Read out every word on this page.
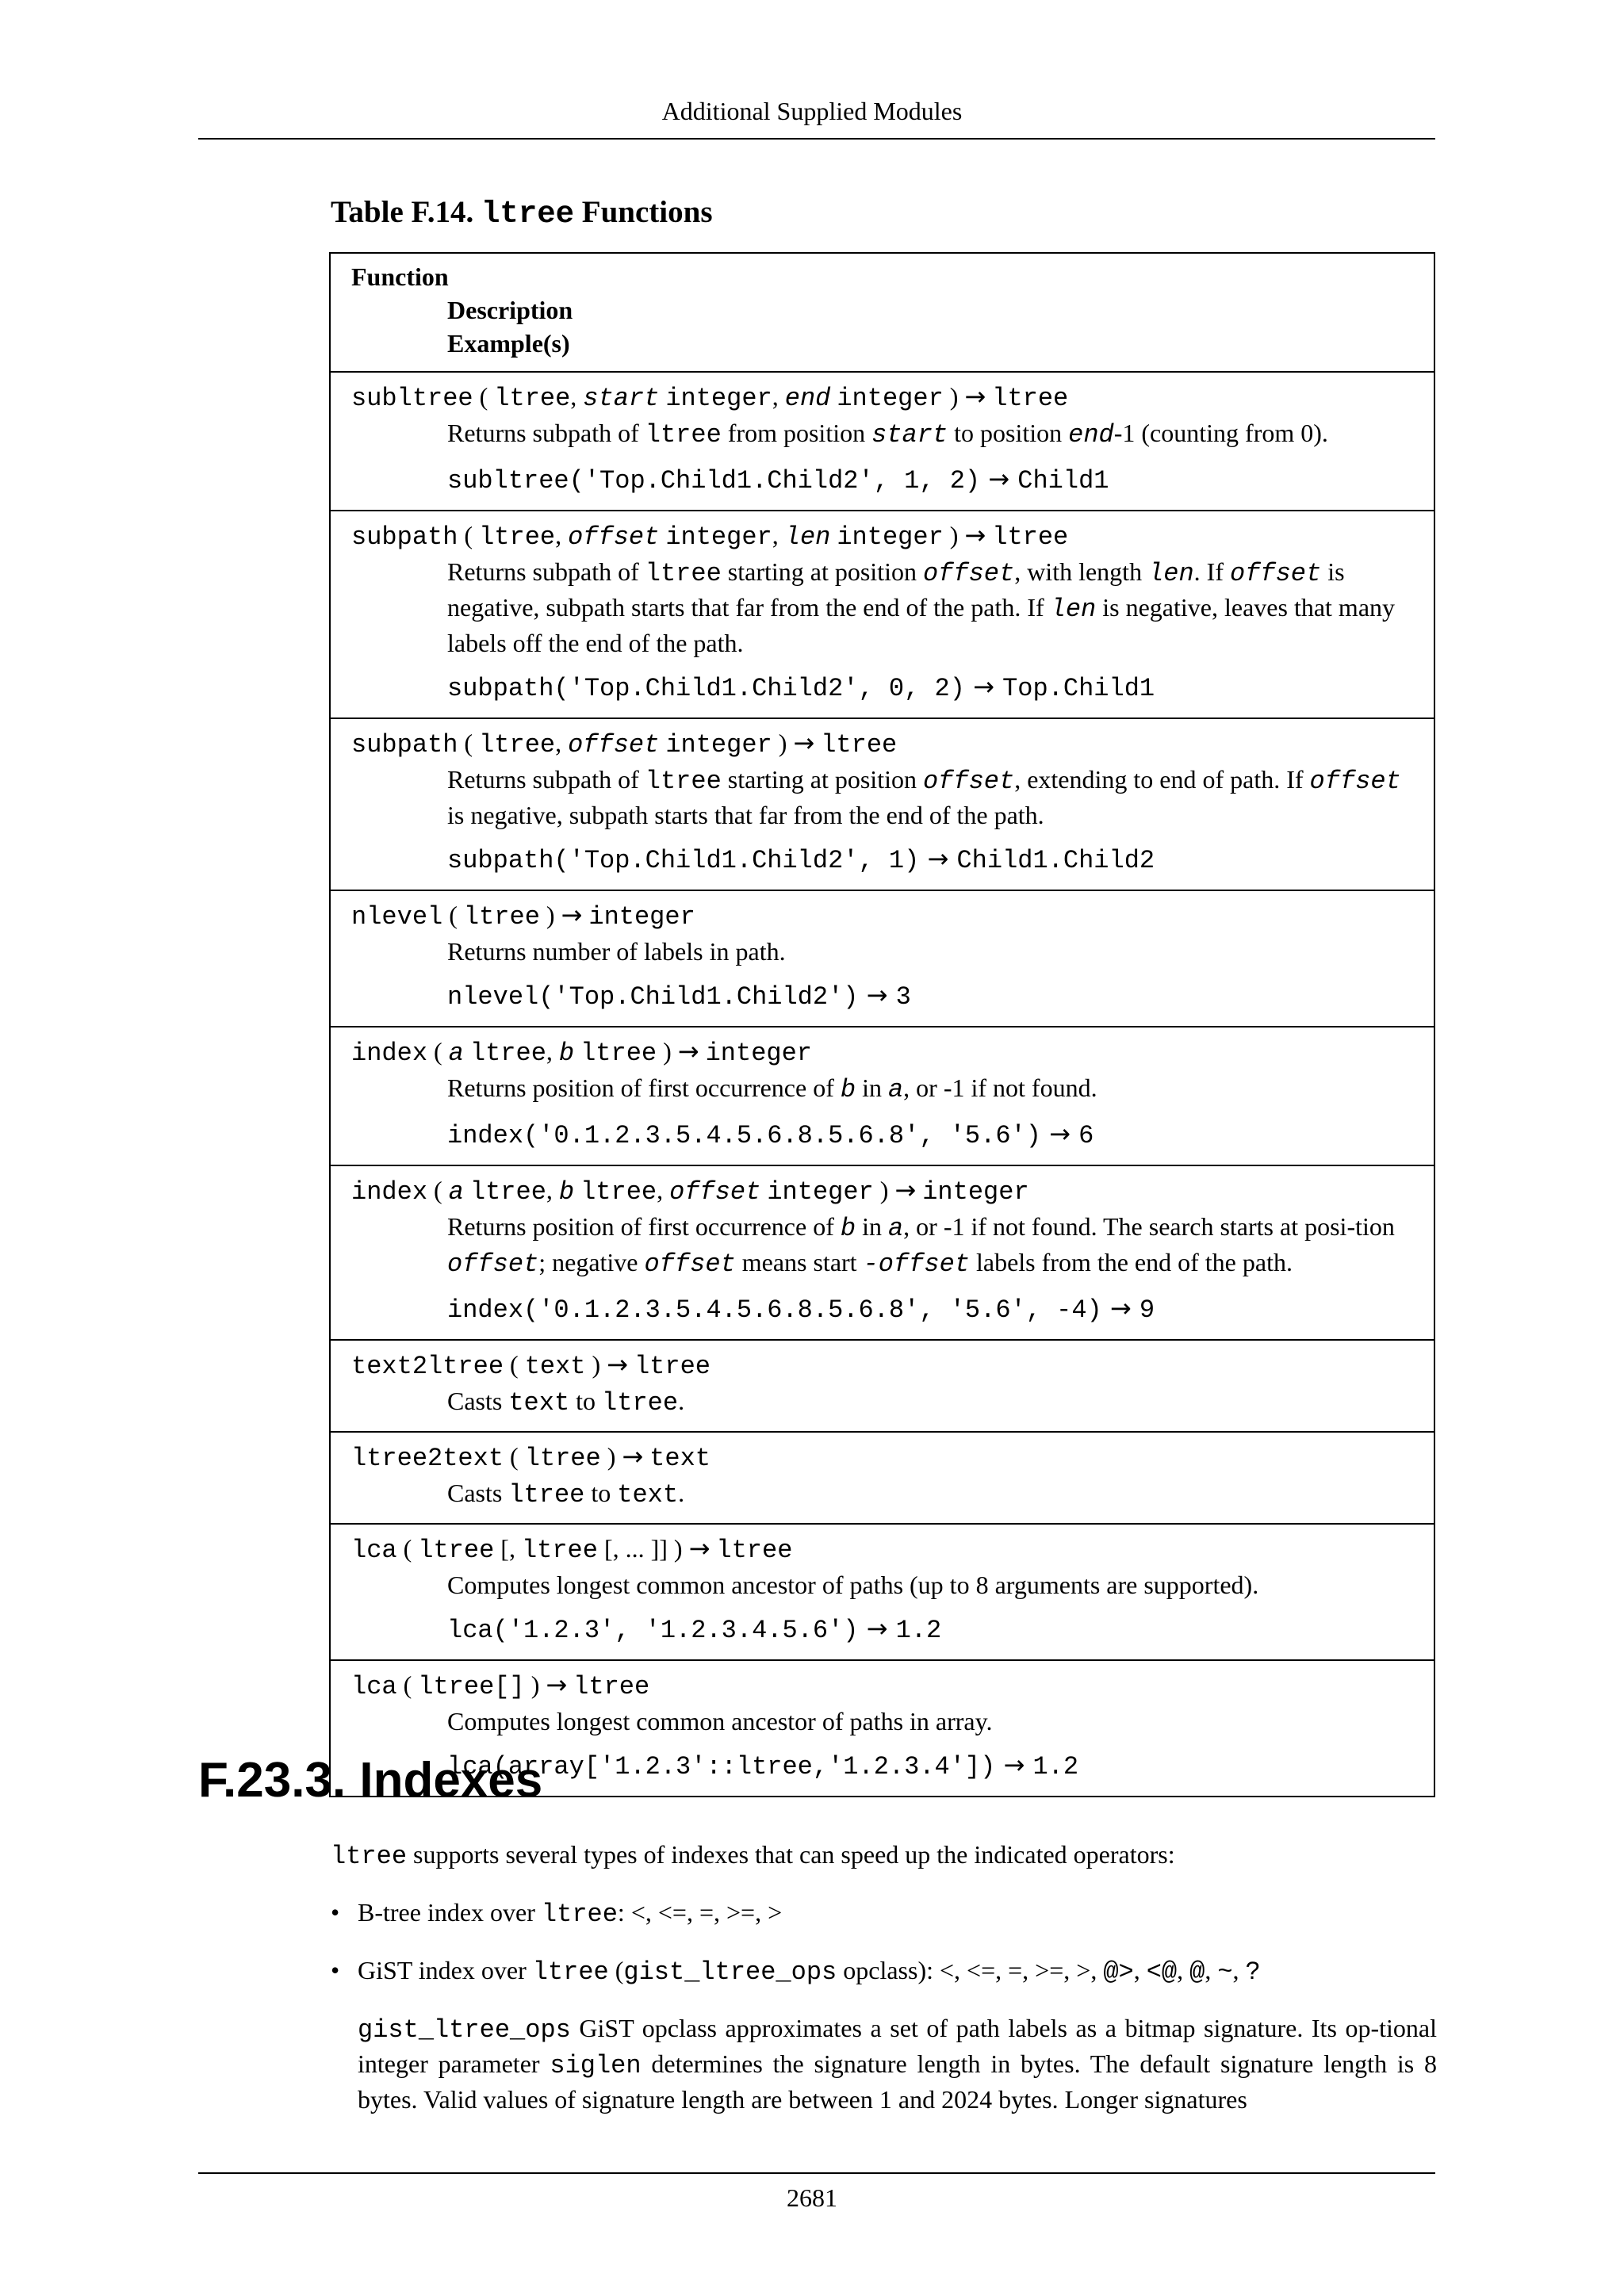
Additional Supplied Modules
Table F.14. ltree Functions
Function
Description
Example(s)

subltree ( ltree, start integer, end integer ) → ltree
Returns subpath of ltree from position start to position end-1 (counting from 0).
subltree('Top.Child1.Child2', 1, 2) → Child1

subpath ( ltree, offset integer, len integer ) → ltree
Returns subpath of ltree starting at position offset, with length len. If offset is negative, subpath starts that far from the end of the path. If len is negative, leaves that many labels off the end of the path.
subpath('Top.Child1.Child2', 0, 2) → Top.Child1

subpath ( ltree, offset integer ) → ltree
Returns subpath of ltree starting at position offset, extending to end of path. If offset is negative, subpath starts that far from the end of the path.
subpath('Top.Child1.Child2', 1) → Child1.Child2

nlevel ( ltree ) → integer
Returns number of labels in path.
nlevel('Top.Child1.Child2') → 3

index ( a ltree, b ltree ) → integer
Returns position of first occurrence of b in a, or -1 if not found.
index('0.1.2.3.5.4.5.6.8.5.6.8', '5.6') → 6

index ( a ltree, b ltree, offset integer ) → integer
Returns position of first occurrence of b in a, or -1 if not found. The search starts at posi-tion offset; negative offset means start -offset labels from the end of the path.
index('0.1.2.3.5.4.5.6.8.5.6.8', '5.6', -4) → 9

text2ltree ( text ) → ltree
Casts text to ltree.

ltree2text ( ltree ) → text
Casts ltree to text.

lca ( ltree [, ltree [, ... ]] ) → ltree
Computes longest common ancestor of paths (up to 8 arguments are supported).
lca('1.2.3', '1.2.3.4.5.6') → 1.2

lca ( ltree[] ) → ltree
Computes longest common ancestor of paths in array.
lca(array['1.2.3'::ltree,'1.2.3.4']) → 1.2
F.23.3. Indexes

ltree supports several types of indexes that can speed up the indicated operators:

• B-tree index over ltree: <, <=, =, >=, >
• GiST index over ltree (gist_ltree_ops opclass): <, <=, =, >=, >, @>, <@, @, ~, ?

gist_ltree_ops GiST opclass approximates a set of path labels as a bitmap signature. Its op-tional integer parameter siglen determines the signature length in bytes. The default signature length is 8 bytes. Valid values of signature length are between 1 and 2024 bytes. Longer signatures

2681
